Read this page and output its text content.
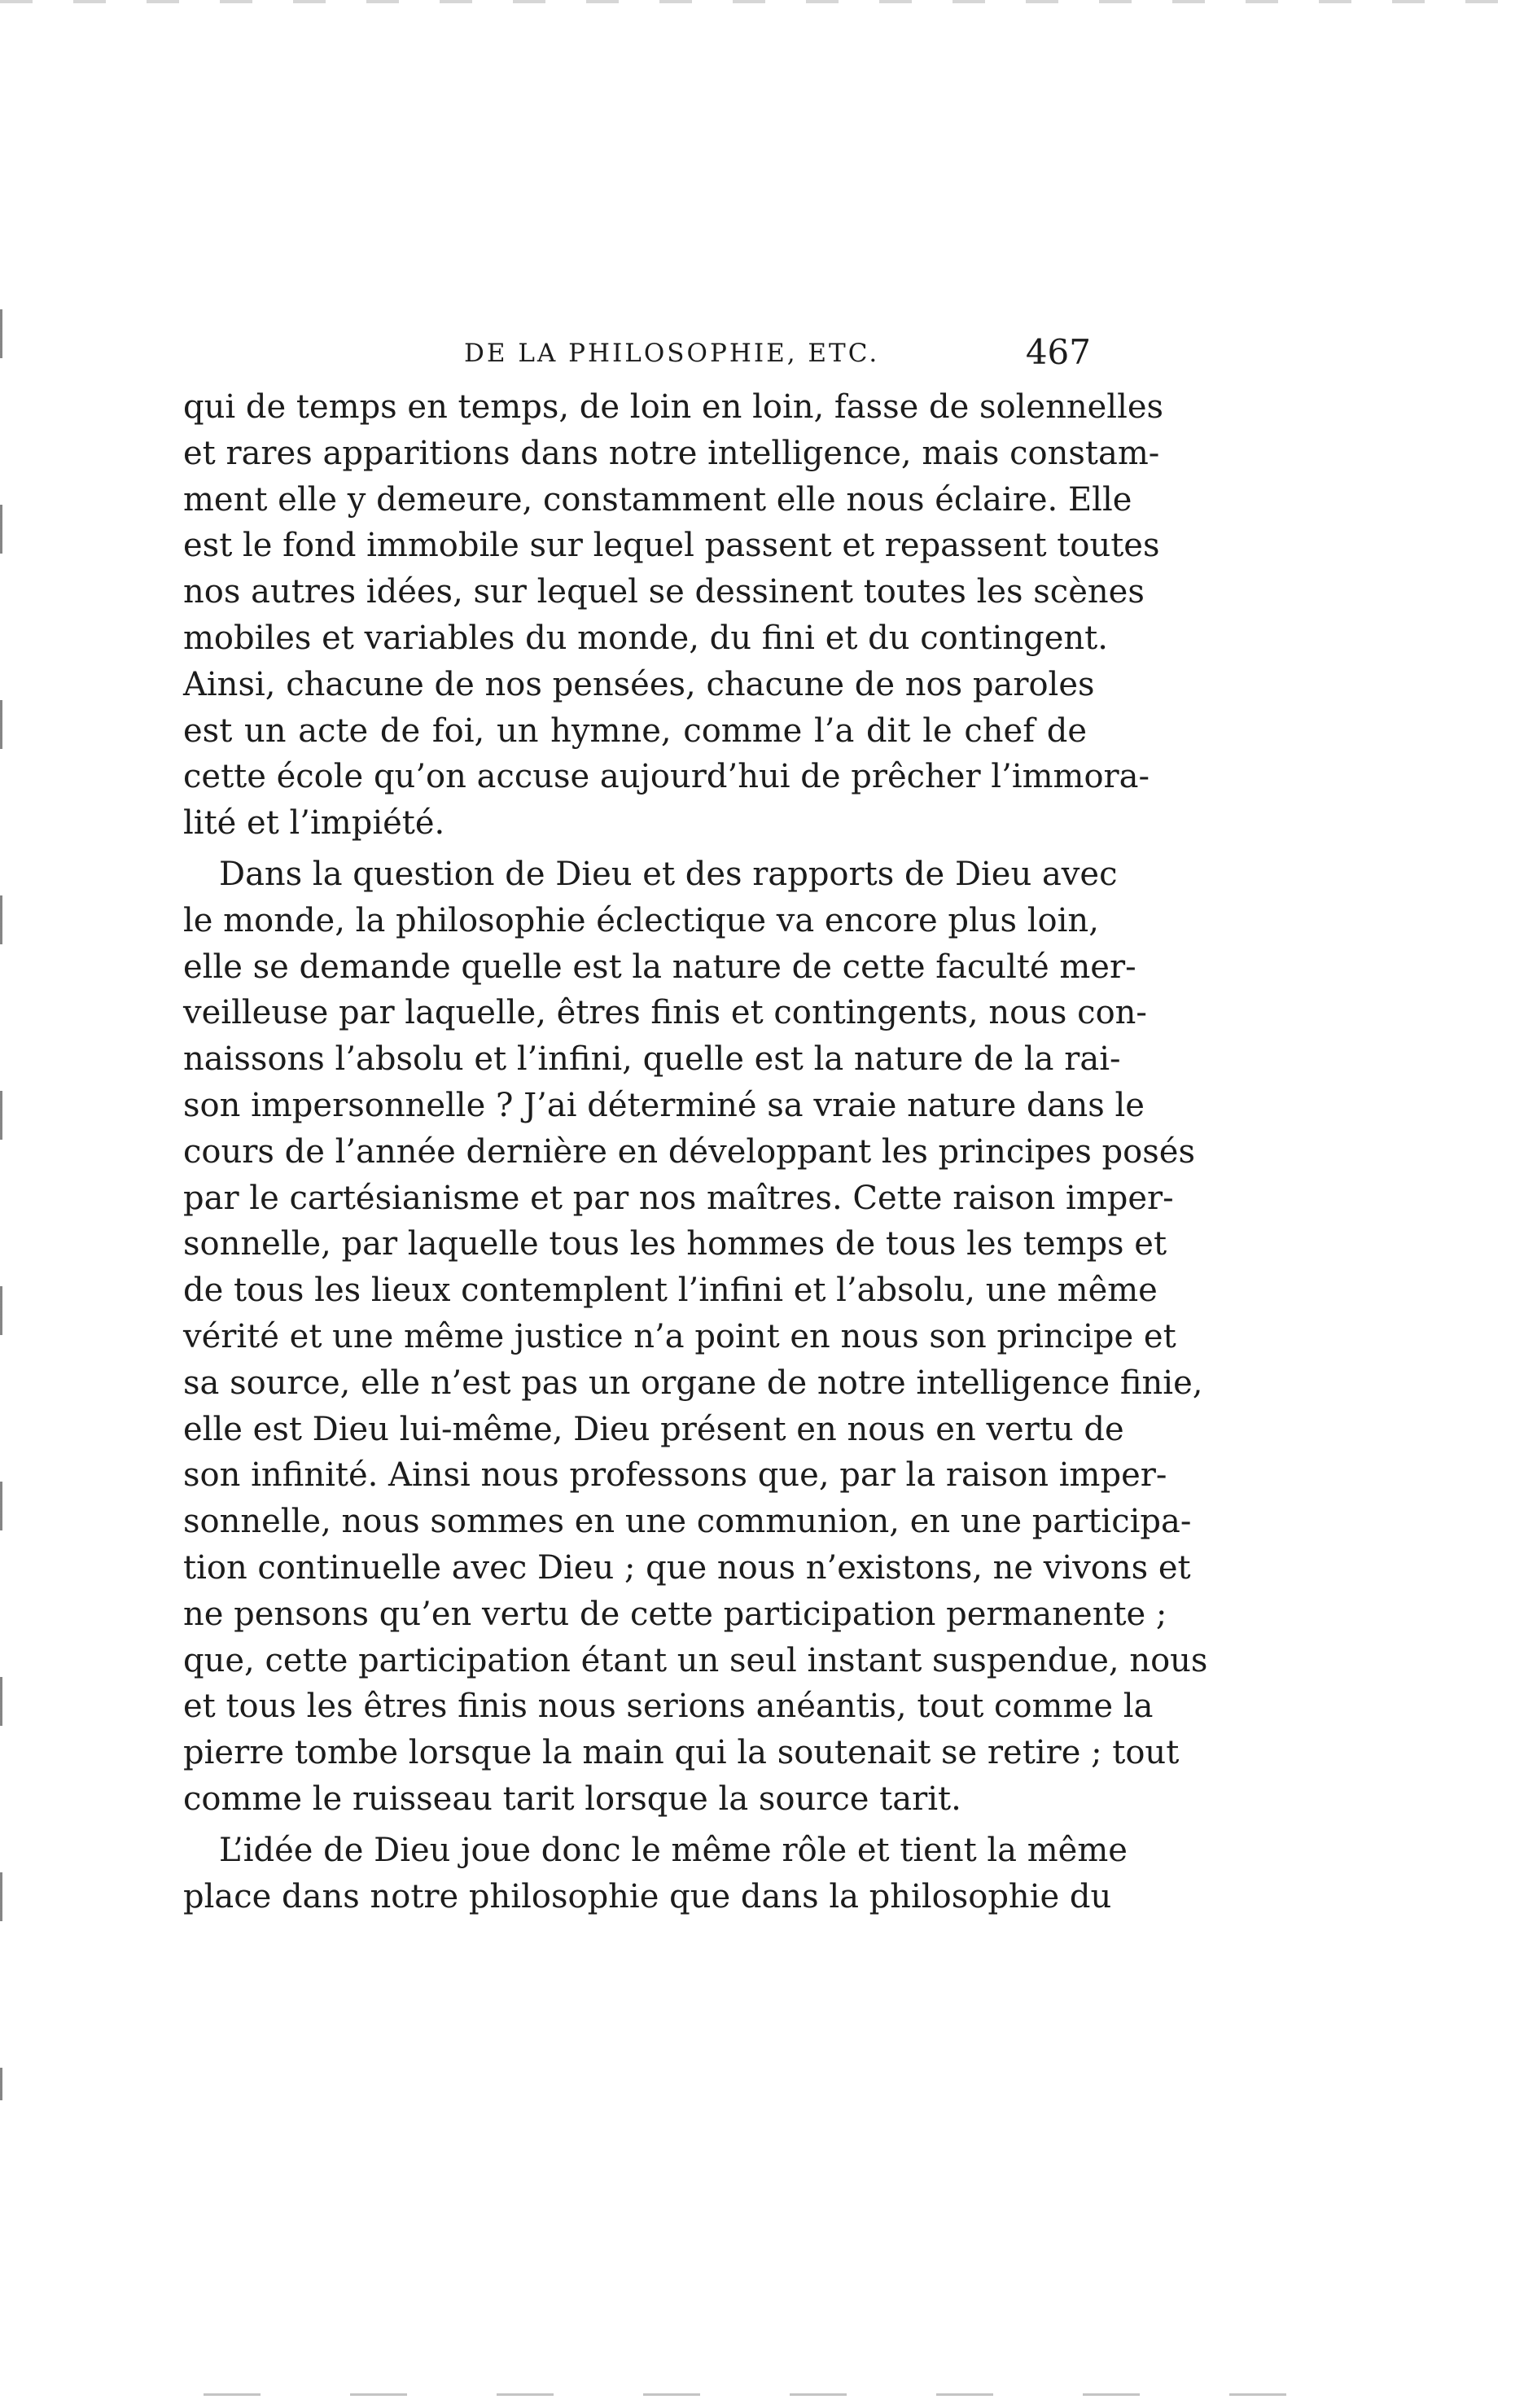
DE LA PHILOSOPHIE, ETC.	467
qui de temps en temps, de loin en loin, fasse de solennelles
et rares apparitions dans notre intelligence, mais constam-
ment elle y demeure, constamment elle nous éclaire. Elle
est le fond immobile sur lequel passent et repassent toutes
nos autres idées, sur lequel se dessinent toutes les scènes
mobiles et variables du monde, du fini et du contingent.
Ainsi, chacune de nos pensées, chacune de nos paroles
est un acte de foi, un hymne, comme l’a dit le chef de
cette école qu’on accuse aujourd’hui de prêcher l’immora-
lité et l’impiété.
Dans la question de Dieu et des rapports de Dieu avec
le monde, la philosophie éclectique va encore plus loin,
elle se demande quelle est la nature de cette faculté mer-
veilleuse par laquelle, êtres finis et contingents, nous con-
naissons l’absolu et l’infini, quelle est la nature de la rai-
son impersonnelle ? J’ai déterminé sa vraie nature dans le
cours de l’année dernière en développant les principes posés
par le cartésianisme et par nos maîtres. Cette raison imper-
sonnelle, par laquelle tous les hommes de tous les temps et
de tous les lieux contemplent l’infini et l’absolu, une même
vérité et une même justice n’a point en nous son principe et
sa source, elle n’est pas un organe de notre intelligence finie,
elle est Dieu lui-même, Dieu présent en nous en vertu de
son infinité. Ainsi nous professons que, par la raison imper-
sonnelle, nous sommes en une communion, en une participa-
tion continuelle avec Dieu ; que nous n’existons, ne vivons et
ne pensons qu’en vertu de cette participation permanente ;
que, cette participation étant un seul instant suspendue, nous
et tous les êtres finis nous serions anéantis, tout comme la
pierre tombe lorsque la main qui la soutenait se retire ; tout
comme le ruisseau tarit lorsque la source tarit.
L’idée de Dieu joue donc le même rôle et tient la même
place dans notre philosophie que dans la philosophie du
